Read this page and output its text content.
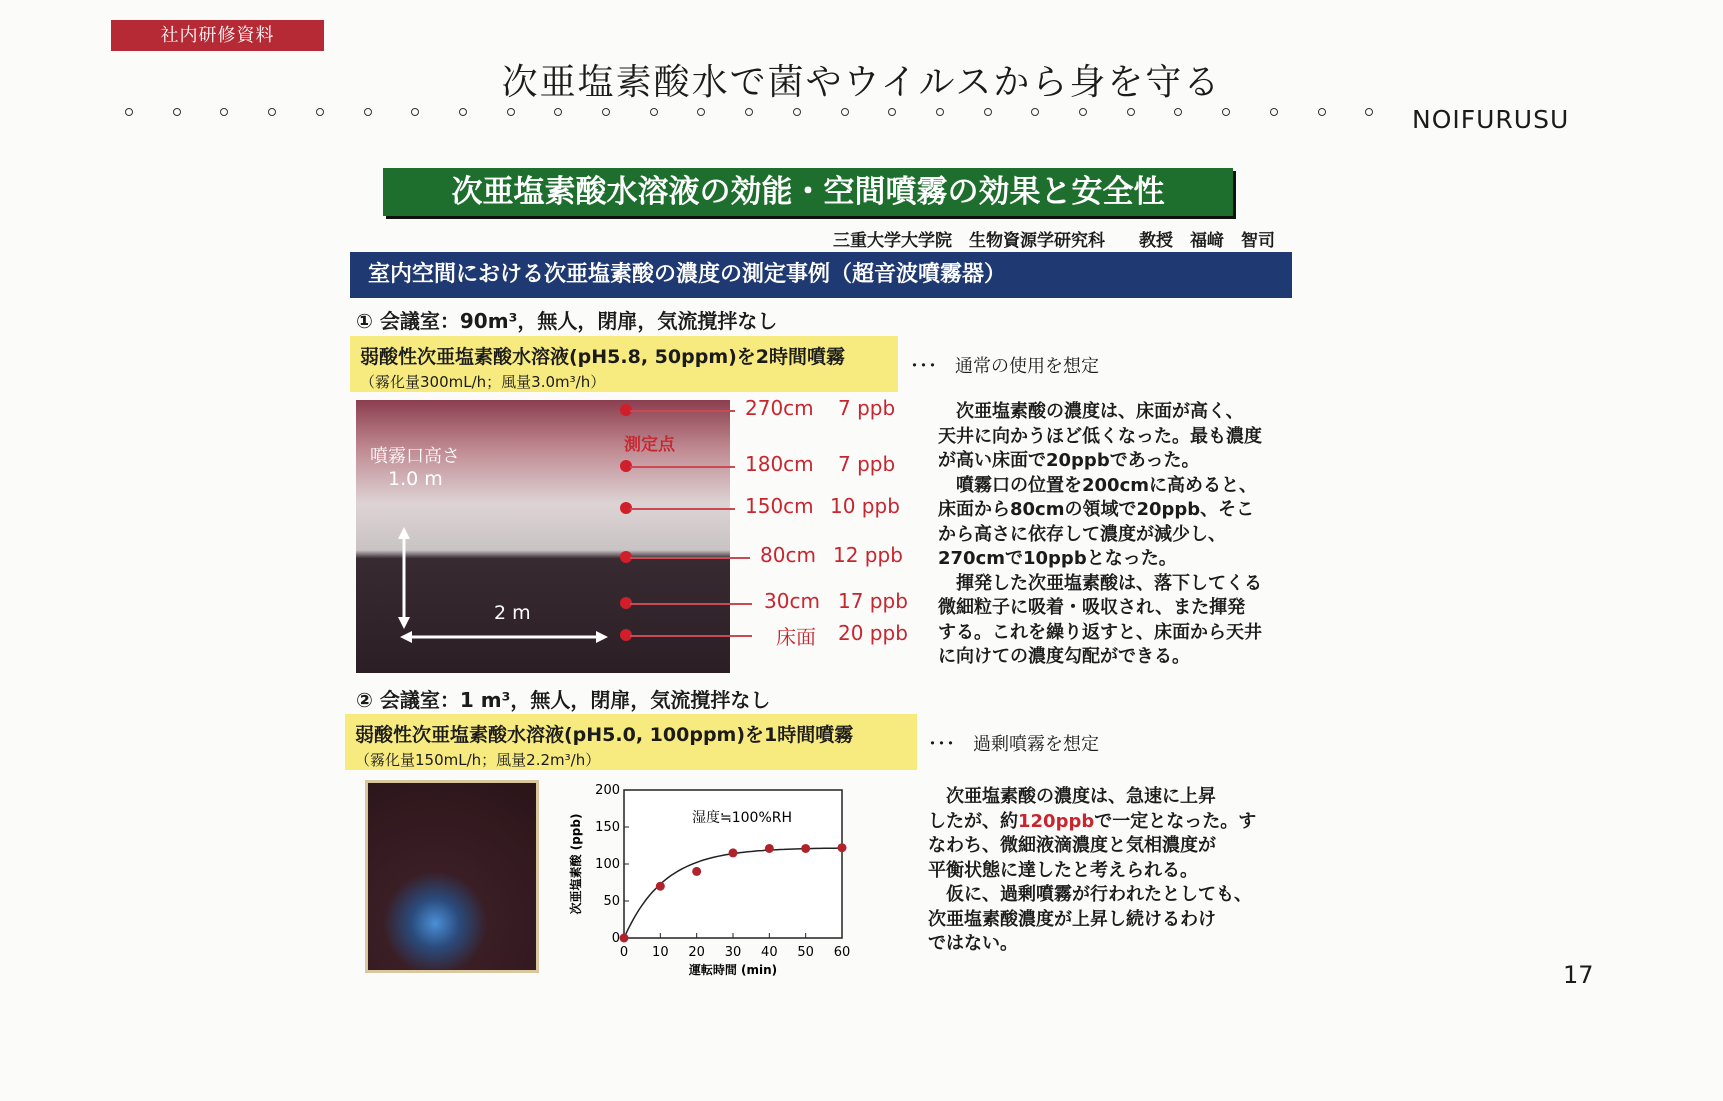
社内研修資料
次亜塩素酸水で菌やウイルスから身を守る
NOIFURUSU
次亜塩素酸水溶液の効能・空間噴霧の効果と安全性
三重大学大学院　生物資源学研究科　　教授　福﨑　智司
室内空間における次亜塩素酸の濃度の測定事例（超音波噴霧器）
① 会議室：90m³，無人，閉扉，気流撹拌なし
弱酸性次亜塩素酸水溶液(pH5.8, 50ppm)を2時間噴霧
（霧化量300mL/h；風量3.0m³/h）
･･･　通常の使用を想定
噴霧口高さ
1.0 m
測定点
2 m
270cm 7 ppb
180cm 7 ppb
150cm 10 ppb
80cm 12 ppb
30cm 17 ppb
床面 20 ppb
　次亜塩素酸の濃度は、床面が高く、
天井に向かうほど低くなった。最も濃度
が高い床面で20ppbであった。
　噴霧口の位置を200cmに高めると、
床面から80cmの領域で20ppb、そこ
から高さに依存して濃度が減少し、
270cmで10ppbとなった。
　揮発した次亜塩素酸は、落下してくる
微細粒子に吸着・吸収され、また揮発
する。これを繰り返すと、床面から天井
に向けての濃度勾配ができる。
② 会議室：1 m³，無人，閉扉，気流撹拌なし
弱酸性次亜塩素酸水溶液(pH5.0, 100ppm)を1時間噴霧
（霧化量150mL/h；風量2.2m³/h）
･･･　過剰噴霧を想定
0
50
100
150
200
0 10 20 30 40 50 60
湿度≒100%RH
運転時間 (min)
次亜塩素酸 (ppb)
　次亜塩素酸の濃度は、急速に上昇
したが、約120ppbで一定となった。す
なわち、微細液滴濃度と気相濃度が
平衡状態に達したと考えられる。
　仮に、過剰噴霧が行われたとしても、
次亜塩素酸濃度が上昇し続けるわけ
ではない。
17
